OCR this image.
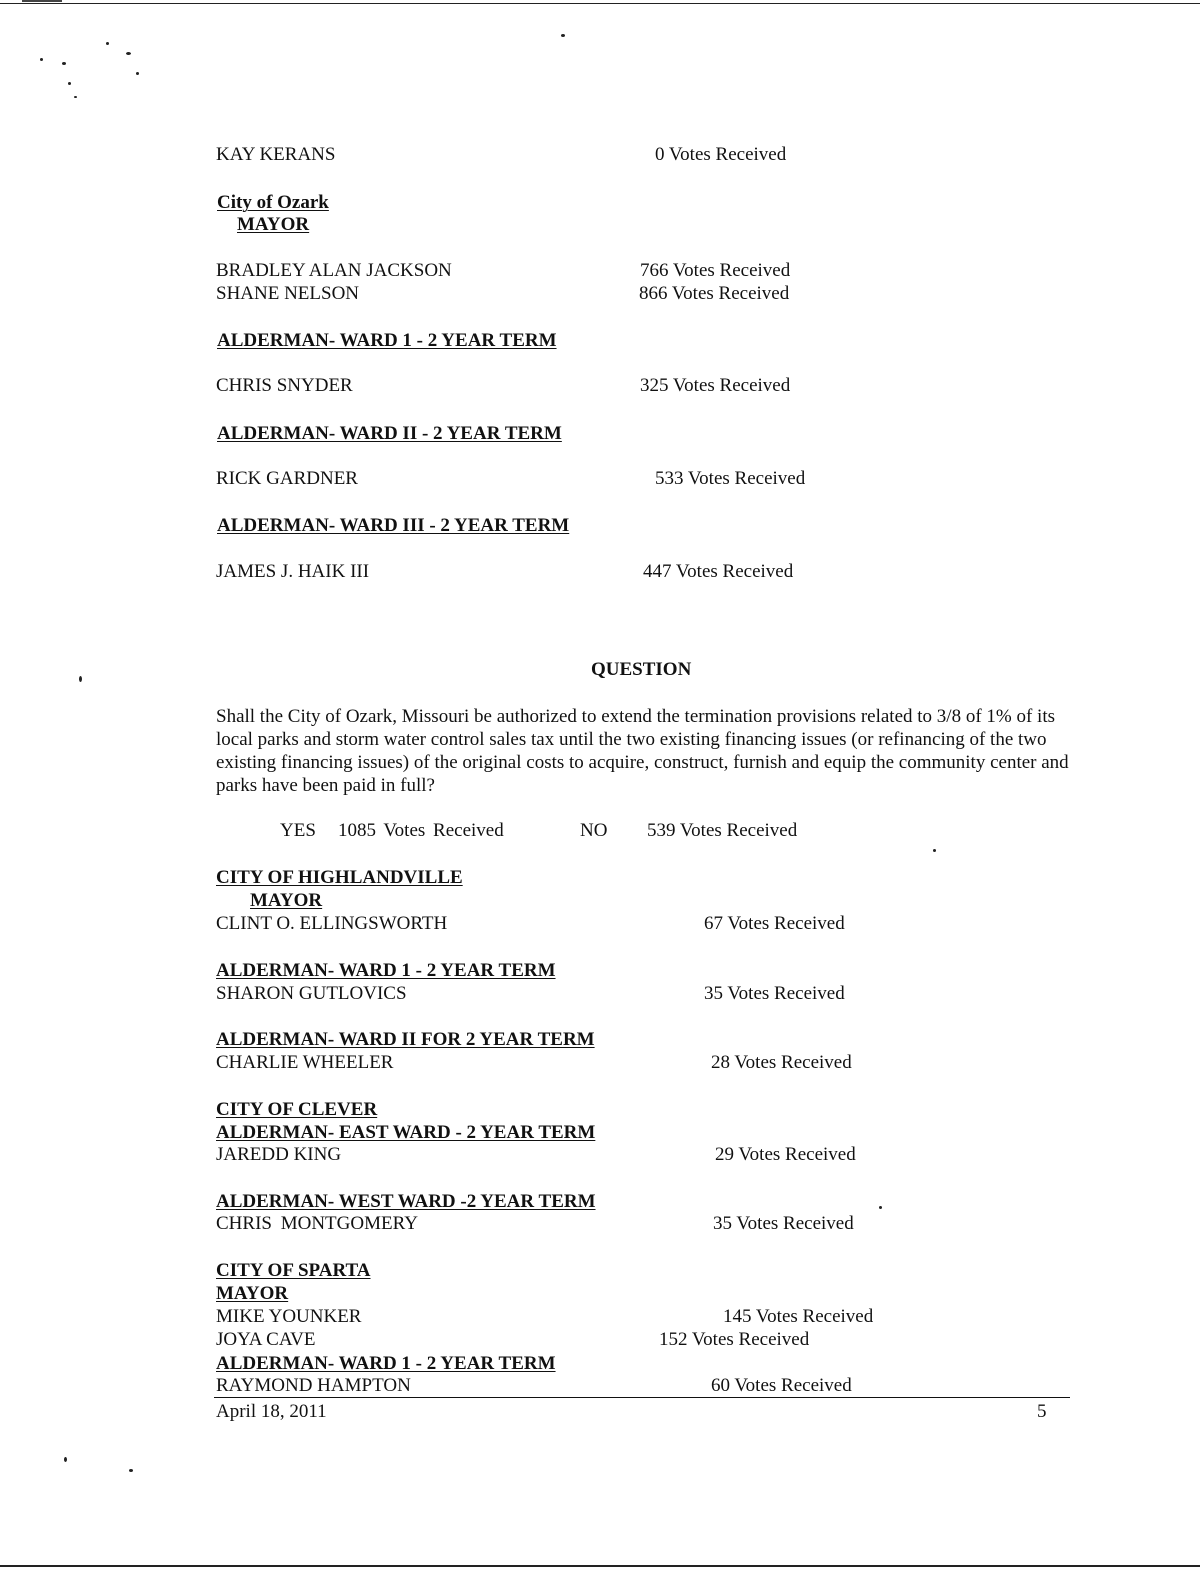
KAY KERANS	0 Votes Received
City of Ozark
MAYOR
BRADLEY ALAN JACKSON	766 Votes Received
SHANE NELSON	866 Votes Received
ALDERMAN- WARD 1 - 2 YEAR TERM
CHRIS SNYDER	325 Votes Received
ALDERMAN- WARD II - 2 YEAR TERM
RICK GARDNER	533 Votes Received
ALDERMAN- WARD III - 2 YEAR TERM
JAMES J. HAIK III	447 Votes Received
QUESTION
Shall the City of Ozark, Missouri be authorized to extend the termination provisions related to 3/8 of 1% of its local parks and storm water control sales tax until the two existing financing issues (or refinancing of the two existing financing issues) of the original costs to acquire, construct, furnish and equip the community center and parks have been paid in full?
YES 1085 Votes Received	NO 539 Votes Received
CITY OF HIGHLANDVILLE
MAYOR
CLINT O. ELLINGSWORTH	67 Votes Received
ALDERMAN- WARD 1 - 2 YEAR TERM
SHARON GUTLOVICS	35 Votes Received
ALDERMAN- WARD II FOR 2 YEAR TERM
CHARLIE WHEELER	28 Votes Received
CITY OF CLEVER
ALDERMAN- EAST WARD - 2 YEAR TERM
JAREDD KING	29 Votes Received
ALDERMAN- WEST WARD -2 YEAR TERM
CHRIS MONTGOMERY	35 Votes Received
CITY OF SPARTA
MAYOR
MIKE YOUNKER	145 Votes Received
JOYA CAVE	152 Votes Received
ALDERMAN- WARD 1 - 2 YEAR TERM
RAYMOND HAMPTON	60 Votes Received
April 18, 2011	5
